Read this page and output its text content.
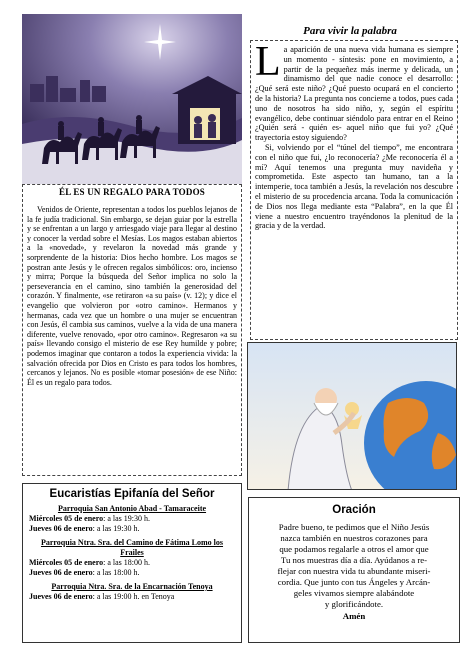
ÉL ES UN REGALO PARA TODOS

Venidos de Oriente, representan a todos los pueblos lejanos de la fe judía tradicional. Sin embargo, se dejan guiar por la estrella y se enfrentan a un largo y arriesgado viaje para llegar al destino y conocer la verdad sobre el Mesías. Los magos estaban abiertos a la «novedad», y revelaron la novedad más grande y sorprendente de la historia: Dios hecho hombre. Los magos se postran ante Jesús y le ofrecen regalos simbólicos: oro, incienso y mirra; Porque la búsqueda del Señor implica no solo la perseverancia en el camino, sino también la generosidad del corazón. Y finalmente, «se retiraron «a su país» (v. 12); y dice el evangelio que volvieron por «otro camino». Hermanos y hermanas, cada vez que un hombre o una mujer se encuentran con Jesús, él cambia sus caminos, vuelve a la vida de una manera diferente, vuelve renovado, «por otro camino». Regresaron «a su país» llevando consigo el misterio de ese Rey humilde y pobre; podemos imaginar que contaron a todos la experiencia vivida: la salvación ofrecida por Dios en Cristo es para todos los hombres, cercanos y lejanos. No es posible «tomar posesión» de ese Niño: Él es un regalo para todos.

Eucaristías Epifanía del Señor
Parroquia San Antonio Abad - Tamaraceite
Miércoles 05 de enero: a las 19:30 h.
Jueves 06 de enero: a las 19:30 h.
Parroquia Ntra. Sra. del Camino de Fátima Lomo los Frailes
Miércoles 05 de enero: a las 18:00 h.
Jueves 06 de enero: a las 18:00 h.
Parroquia Ntra. Sra. de la Encarnación Tenoya
Jueves 06 de enero: a las 19:00 h. en Tenoya
Para vivir la palabra

La aparición de una nueva vida humana es siempre un momento - síntesis: pone en movimiento, a partir de la pequeñez más inerme y delicada, un dinamismo del que nadie conoce el desarrollo: ¿Qué será este niño? ¿Qué puesto ocupará en el concierto de la historia? La pregunta nos concierne a todos, pues cada uno de nosotros ha sido niño, y, según el espíritu evangélico, debe continuar siéndolo para entrar en el Reino ¿Quién será - quién es- aquel niño que fui yo? ¿Qué trayectoria estoy siguiendo?

Si, volviendo por el “túnel del tiempo”, me encontrara con el niño que fui, ¿lo reconocería? ¿Me reconocería él a mí? Aquí tenemos una pregunta muy navideña y comprometida. Este aspecto tan humano, tan a la intemperie, toca también a Jesús, la revelación nos descubre el misterio de su procedencia arcana. Toda la comunicación de Dios nos llega mediante esta “Palabra”, en la que Él viene a nuestro encuentro trayéndonos la plenitud de la gracia y de la verdad.

Oración

Padre bueno, te pedimos que el Niño Jesús

nazca también en nuestros corazones para

que podamos regalarle a otros el amor que

Tu nos muestras día a día. Ayúdanos a re-

flejar con nuestra vida tu abundante miseri-

cordia. Que junto con tus Ángeles y Arcán-

geles vivamos siempre alabándote

y glorificándote.

Amén
